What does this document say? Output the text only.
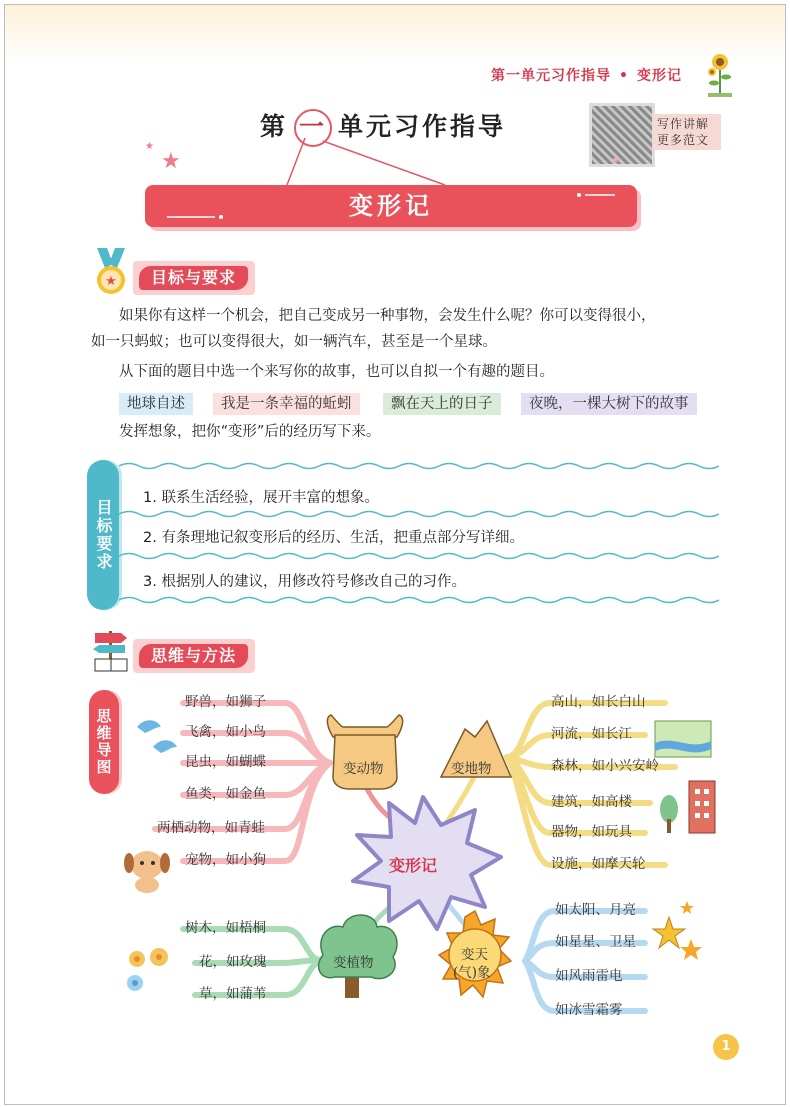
第一单元习作指导 • 变形记
第 一 单元习作指导	写作讲解
更多范文
★
★
★
变形记
★	目标与要求
如果你有这样一个机会，把自己变成另一种事物，会发生什么呢？你可以变得很小，
如一只蚂蚁；也可以变得很大，如一辆汽车，甚至是一个星球。
从下面的题目中选一个来写你的故事，也可以自拟一个有趣的题目。
地球自述	我是一条幸福的蚯蚓	飘在天上的日子	夜晚，一棵大树下的故事
发挥想象，把你“变形”后的经历写下来。
目标要求
1. 联系生活经验，展开丰富的想象。
2. 有条理地记叙变形后的经历、生活，把重点部分写详细。
3. 根据别人的建议，用修改符号修改自己的习作。
思维与方法
思维导图
变形记
变动物	变地物
变植物	变天
(气)象
野兽，如狮子
飞禽，如小鸟
昆虫，如蝴蝶
鱼类，如金鱼
两栖动物，如青蛙
宠物，如小狗
高山，如长白山
河流，如长江
森林，如小兴安岭
建筑，如高楼
器物，如玩具
设施，如摩天轮
树木，如梧桐
花，如玫瑰
草，如蒲苇
如太阳、月亮
如星星、卫星
如风雨雷电
如冰雪霜雾
1
